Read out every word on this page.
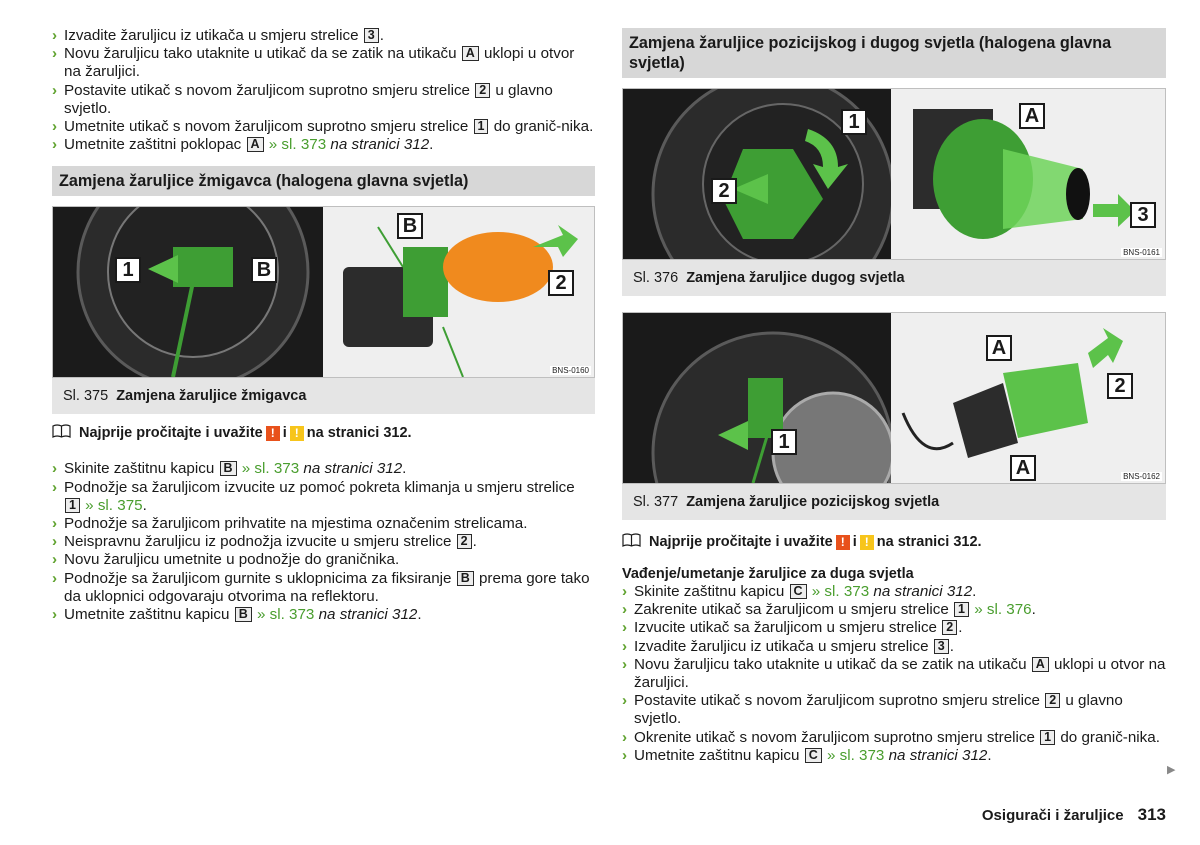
› Izvadite žaruljicu iz utikača u smjeru strelice 3 .
› Novu žaruljicu tako utaknite u utikač da se zatik na utikaču A uklopi u otvor na žaruljici.
› Postavite utikač s novom žaruljicom suprotno smjeru strelice 2 u glavno svjetlo.
› Umetnite utikač s novom žaruljicom suprotno smjeru strelice 1 do granič-nika.
› Umetnite zaštitni poklopac A » sl. 373 na stranici 312.
Zamjena žaruljice žmigavca (halogena glavna svjetla)
1	B
B
2
BNS-0160
Sl. 375 Zamjena žaruljice žmigavca
Najprije pročitajte i uvažite ! i ! na stranici 312.
› Skinite zaštitnu kapicu B » sl. 373 na stranici 312.
› Podnožje sa žaruljicom izvucite uz pomoć pokreta klimanja u smjeru strelice 1 » sl. 375.
› Podnožje sa žaruljicom prihvatite na mjestima označenim strelicama.
› Neispravnu žaruljicu iz podnožja izvucite u smjeru strelice 2 .
› Novu žaruljicu umetnite u podnožje do graničnika.
› Podnožje sa žaruljicom gurnite s uklopnicima za fiksiranje B prema gore tako da uklopnici odgovaraju otvorima na reflektoru.
› Umetnite zaštitnu kapicu B » sl. 373 na stranici 312.
Zamjena žaruljice pozicijskog i dugog svjetla (halogena glavna svjetla)
1
2
A
3
BNS-0161
Sl. 376 Zamjena žaruljice dugog svjetla
1
A
2
A	BNS-0162
Sl. 377 Zamjena žaruljice pozicijskog svjetla
Najprije pročitajte i uvažite ! i ! na stranici 312.
Vađenje/umetanje žaruljice za duga svjetla
› Skinite zaštitnu kapicu C » sl. 373 na stranici 312.
› Zakrenite utikač sa žaruljicom u smjeru strelice 1 » sl. 376.
› Izvucite utikač sa žaruljicom u smjeru strelice 2 .
› Izvadite žaruljicu iz utikača u smjeru strelice 3 .
› Novu žaruljicu tako utaknite u utikač da se zatik na utikaču A uklopi u otvor na žaruljici.
› Postavite utikač s novom žaruljicom suprotno smjeru strelice 2 u glavno svjetlo.
› Okrenite utikač s novom žaruljicom suprotno smjeru strelice 1 do granič-nika.
› Umetnite zaštitnu kapicu C » sl. 373 na stranici 312.
▶
Osigurači i žaruljice 313
